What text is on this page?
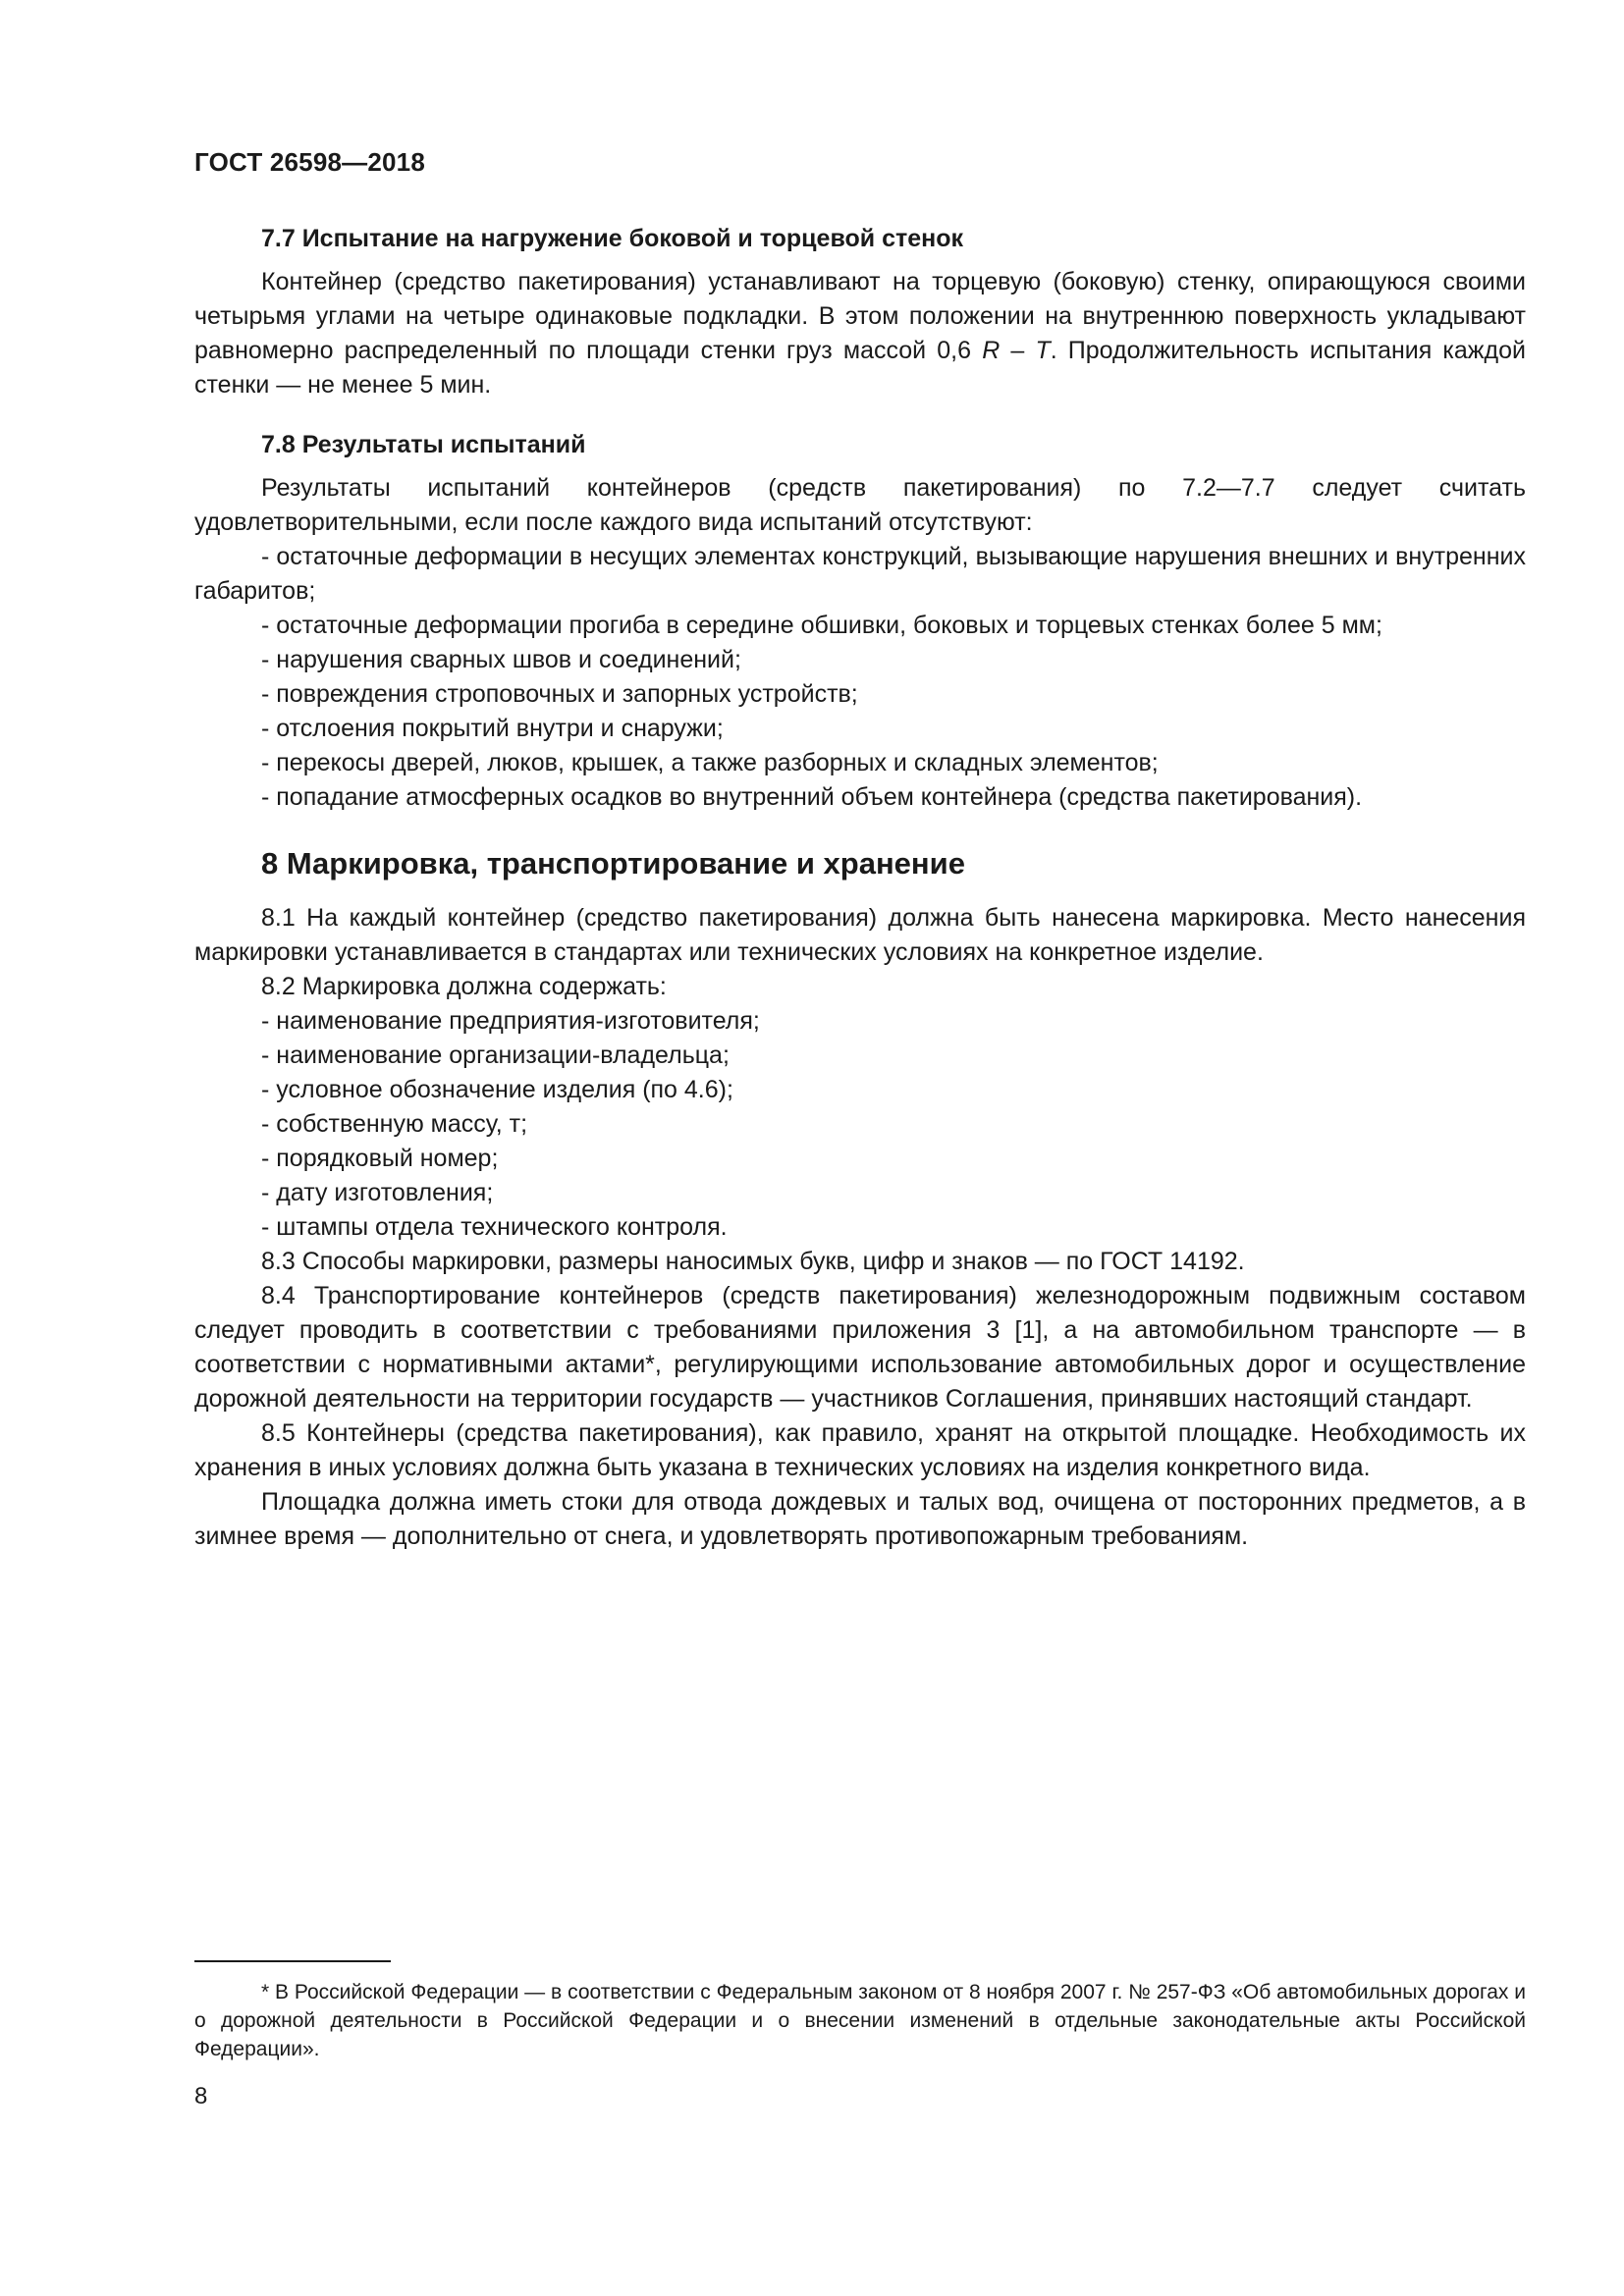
ГОСТ 26598—2018
7.7 Испытание на нагружение боковой и торцевой стенок

Контейнер (средство пакетирования) устанавливают на торцевую (боковую) стенку, опирающуюся своими четырьмя углами на четыре одинаковые подкладки. В этом положении на внутреннюю поверхность укладывают равномерно распределенный по площади стенки груз массой 0,6 R – T. Продолжительность испытания каждой стенки — не менее 5 мин.

7.8 Результаты испытаний

Результаты испытаний контейнеров (средств пакетирования) по 7.2—7.7 следует считать удовлетворительными, если после каждого вида испытаний отсутствуют:

- остаточные деформации в несущих элементах конструкций, вызывающие нарушения внешних и внутренних габаритов;

- остаточные деформации прогиба в середине обшивки, боковых и торцевых стенках более 5 мм;

- нарушения сварных швов и соединений;

- повреждения строповочных и запорных устройств;

- отслоения покрытий внутри и снаружи;

- перекосы дверей, люков, крышек, а также разборных и складных элементов;

- попадание атмосферных осадков во внутренний объем контейнера (средства пакетирования).

8 Маркировка, транспортирование и хранение

8.1 На каждый контейнер (средство пакетирования) должна быть нанесена маркировка. Место нанесения маркировки устанавливается в стандартах или технических условиях на конкретное изделие.

8.2 Маркировка должна содержать:

- наименование предприятия-изготовителя;

- наименование организации-владельца;

- условное обозначение изделия (по 4.6);

- собственную массу, т;

- порядковый номер;

- дату изготовления;

- штампы отдела технического контроля.

8.3 Способы маркировки, размеры наносимых букв, цифр и знаков — по ГОСТ 14192.

8.4 Транспортирование контейнеров (средств пакетирования) железнодорожным подвижным составом следует проводить в соответствии с требованиями приложения 3 [1], а на автомобильном транспорте — в соответствии с нормативными актами*, регулирующими использование автомобильных дорог и осуществление дорожной деятельности на территории государств — участников Соглашения, принявших настоящий стандарт.

8.5 Контейнеры (средства пакетирования), как правило, хранят на открытой площадке. Необходимость их хранения в иных условиях должна быть указана в технических условиях на изделия конкретного вида.

Площадка должна иметь стоки для отвода дождевых и талых вод, очищена от посторонних предметов, а в зимнее время — дополнительно от снега, и удовлетворять противопожарным требованиям.

* В Российской Федерации — в соответствии с Федеральным законом от 8 ноября 2007 г. № 257-ФЗ «Об автомобильных дорогах и о дорожной деятельности в Российской Федерации и о внесении изменений в отдельные законодательные акты Российской Федерации».
8
